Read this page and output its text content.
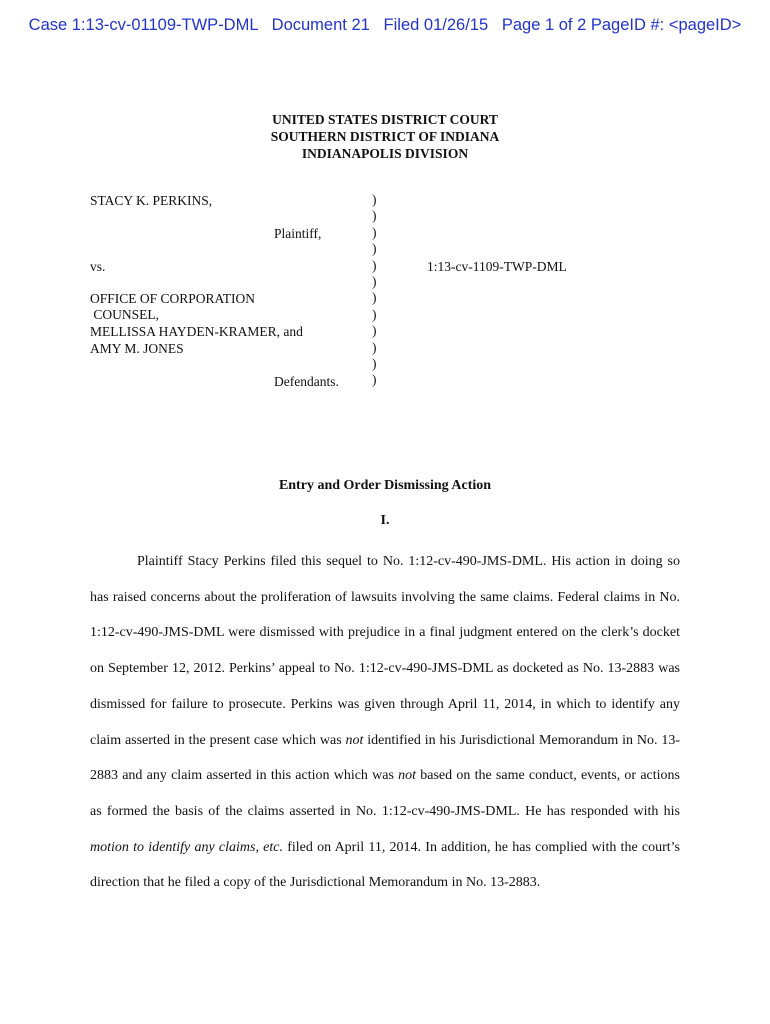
Case 1:13-cv-01109-TWP-DML   Document 21   Filed 01/26/15   Page 1 of 2 PageID #: <pageID>
UNITED STATES DISTRICT COURT
SOUTHERN DISTRICT OF INDIANA
INDIANAPOLIS DIVISION
STACY K. PERKINS,
Plaintiff,
vs.	1:13-cv-1109-TWP-DML
OFFICE OF CORPORATION
COUNSEL,
MELLISSA HAYDEN-KRAMER, and
AMY M. JONES
Defendants.
)
)
)
)
)
)
)
)
)
)
)
)
Entry and Order Dismissing Action
I.

Plaintiff Stacy Perkins filed this sequel to No. 1:12-cv-490-JMS-DML. His action in doing so has raised concerns about the proliferation of lawsuits involving the same claims. Federal claims in No. 1:12-cv-490-JMS-DML were dismissed with prejudice in a final judgment entered on the clerk’s docket on September 12, 2012. Perkins’ appeal to No. 1:12-cv-490-JMS-DML as docketed as No. 13-2883 was dismissed for failure to prosecute. Perkins was given through April 11, 2014, in which to identify any claim asserted in the present case which was not identified in his Jurisdictional Memorandum in No. 13-2883 and any claim asserted in this action which was not based on the same conduct, events, or actions as formed the basis of the claims asserted in No. 1:12-cv-490-JMS-DML. He has responded with his motion to identify any claims, etc. filed on April 11, 2014. In addition, he has complied with the court’s direction that he filed a copy of the Jurisdictional Memorandum in No. 13-2883.
